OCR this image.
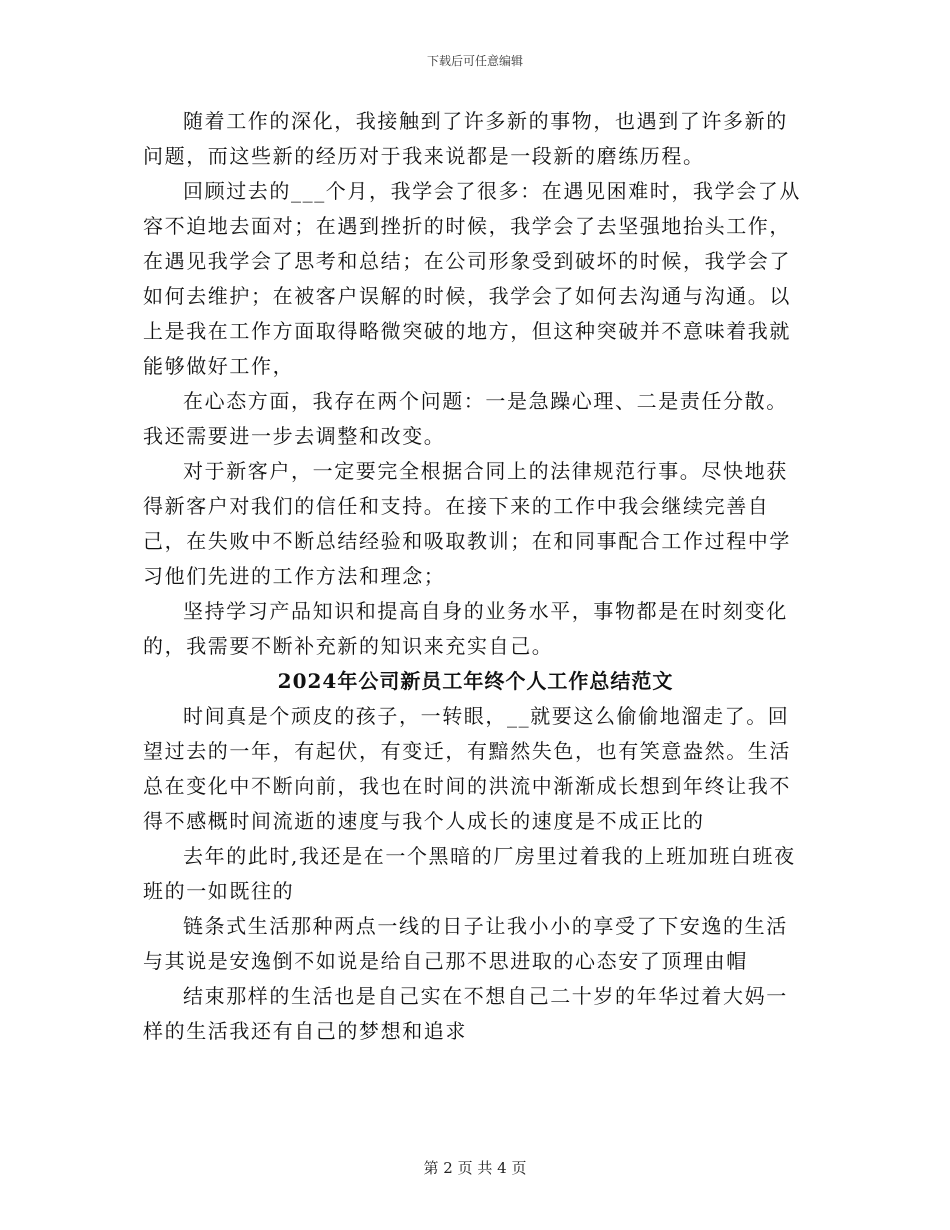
下载后可任意编辑

随着工作的深化，我接触到了许多新的事物，也遇到了许多新的问题，而这些新的经历对于我来说都是一段新的磨练历程。

回顾过去的___个月，我学会了很多：在遇见困难时，我学会了从容不迫地去面对；在遇到挫折的时候，我学会了去坚强地抬头工作，在遇见我学会了思考和总结；在公司形象受到破坏的时候，我学会了如何去维护；在被客户误解的时候，我学会了如何去沟通与沟通。以上是我在工作方面取得略微突破的地方，但这种突破并不意味着我就能够做好工作，

在心态方面，我存在两个问题：一是急躁心理、二是责任分散。我还需要进一步去调整和改变。

对于新客户，一定要完全根据合同上的法律规范行事。尽快地获得新客户对我们的信任和支持。在接下来的工作中我会继续完善自己，在失败中不断总结经验和吸取教训；在和同事配合工作过程中学习他们先进的工作方法和理念；

坚持学习产品知识和提高自身的业务水平，事物都是在时刻变化的，我需要不断补充新的知识来充实自己。

2024年公司新员工年终个人工作总结范文

时间真是个顽皮的孩子，一转眼，__就要这么偷偷地溜走了。回望过去的一年，有起伏，有变迁，有黯然失色，也有笑意盎然。生活总在变化中不断向前，我也在时间的洪流中渐渐成长想到年终让我不得不感概时间流逝的速度与我个人成长的速度是不成正比的

去年的此时,我还是在一个黑暗的厂房里过着我的上班加班白班夜班的一如既往的

链条式生活那种两点一线的日子让我小小的享受了下安逸的生活与其说是安逸倒不如说是给自己那不思进取的心态安了顶理由帽

结束那样的生活也是自己实在不想自己二十岁的年华过着大妈一样的生活我还有自己的梦想和追求

第 2 页 共 4 页
